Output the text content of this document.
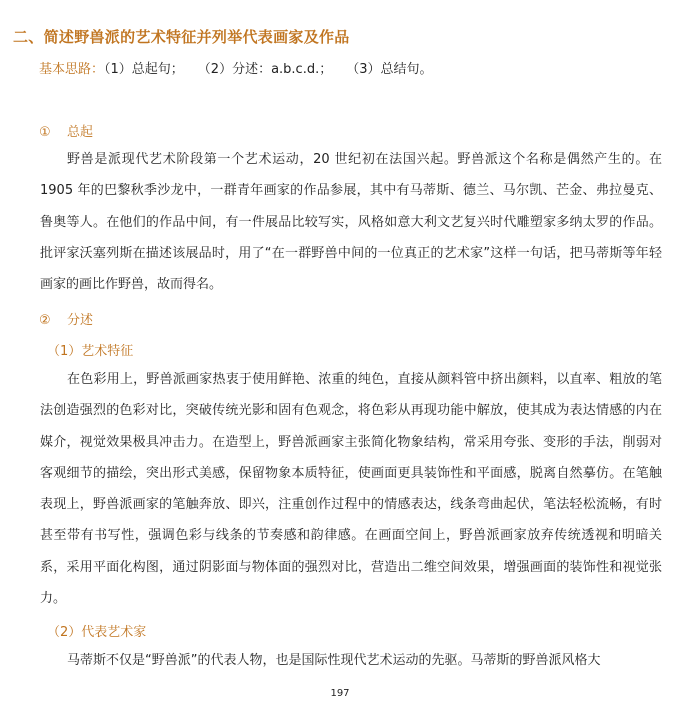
二、简述野兽派的艺术特征并列举代表画家及作品
基本思路：（1）总起句； （2）分述：a.b.c.d.； （3）总结句。
① 总起
野兽是派现代艺术阶段第一个艺术运动，20 世纪初在法国兴起。野兽派这个名称是偶然产生的。在 1905 年的巴黎秋季沙龙中，一群青年画家的作品参展，其中有马蒂斯、德兰、马尔凯、芒金、弗拉曼克、鲁奥等人。在他们的作品中间，有一件展品比较写实，风格如意大利文艺复兴时代雕塑家多纳太罗的作品。批评家沃塞列斯在描述该展品时，用了“在一群野兽中间的一位真正的艺术家”这样一句话，把马蒂斯等年轻画家的画比作野兽，故而得名。
② 分述
（1）艺术特征
在色彩用上，野兽派画家热衷于使用鲜艳、浓重的纯色，直接从颜料管中挤出颜料，以直率、粗放的笔法创造强烈的色彩对比，突破传统光影和固有色观念，将色彩从再现功能中解放，使其成为表达情感的内在媒介，视觉效果极具冲击力。在造型上，野兽派画家主张简化物象结构，常采用夸张、变形的手法，削弱对客观细节的描绘，突出形式美感，保留物象本质特征，使画面更具装饰性和平面感，脱离自然摹仿。在笔触表现上，野兽派画家的笔触奔放、即兴，注重创作过程中的情感表达，线条弯曲起伏，笔法轻松流畅，有时甚至带有书写性，强调色彩与线条的节奏感和韵律感。在画面空间上，野兽派画家放弃传统透视和明暗关系，采用平面化构图，通过阴影面与物体面的强烈对比，营造出二维空间效果，增强画面的装饰性和视觉张力。
（2）代表艺术家
马蒂斯不仅是“野兽派”的代表人物，也是国际性现代艺术运动的先驱。马蒂斯的野兽派风格大
197
